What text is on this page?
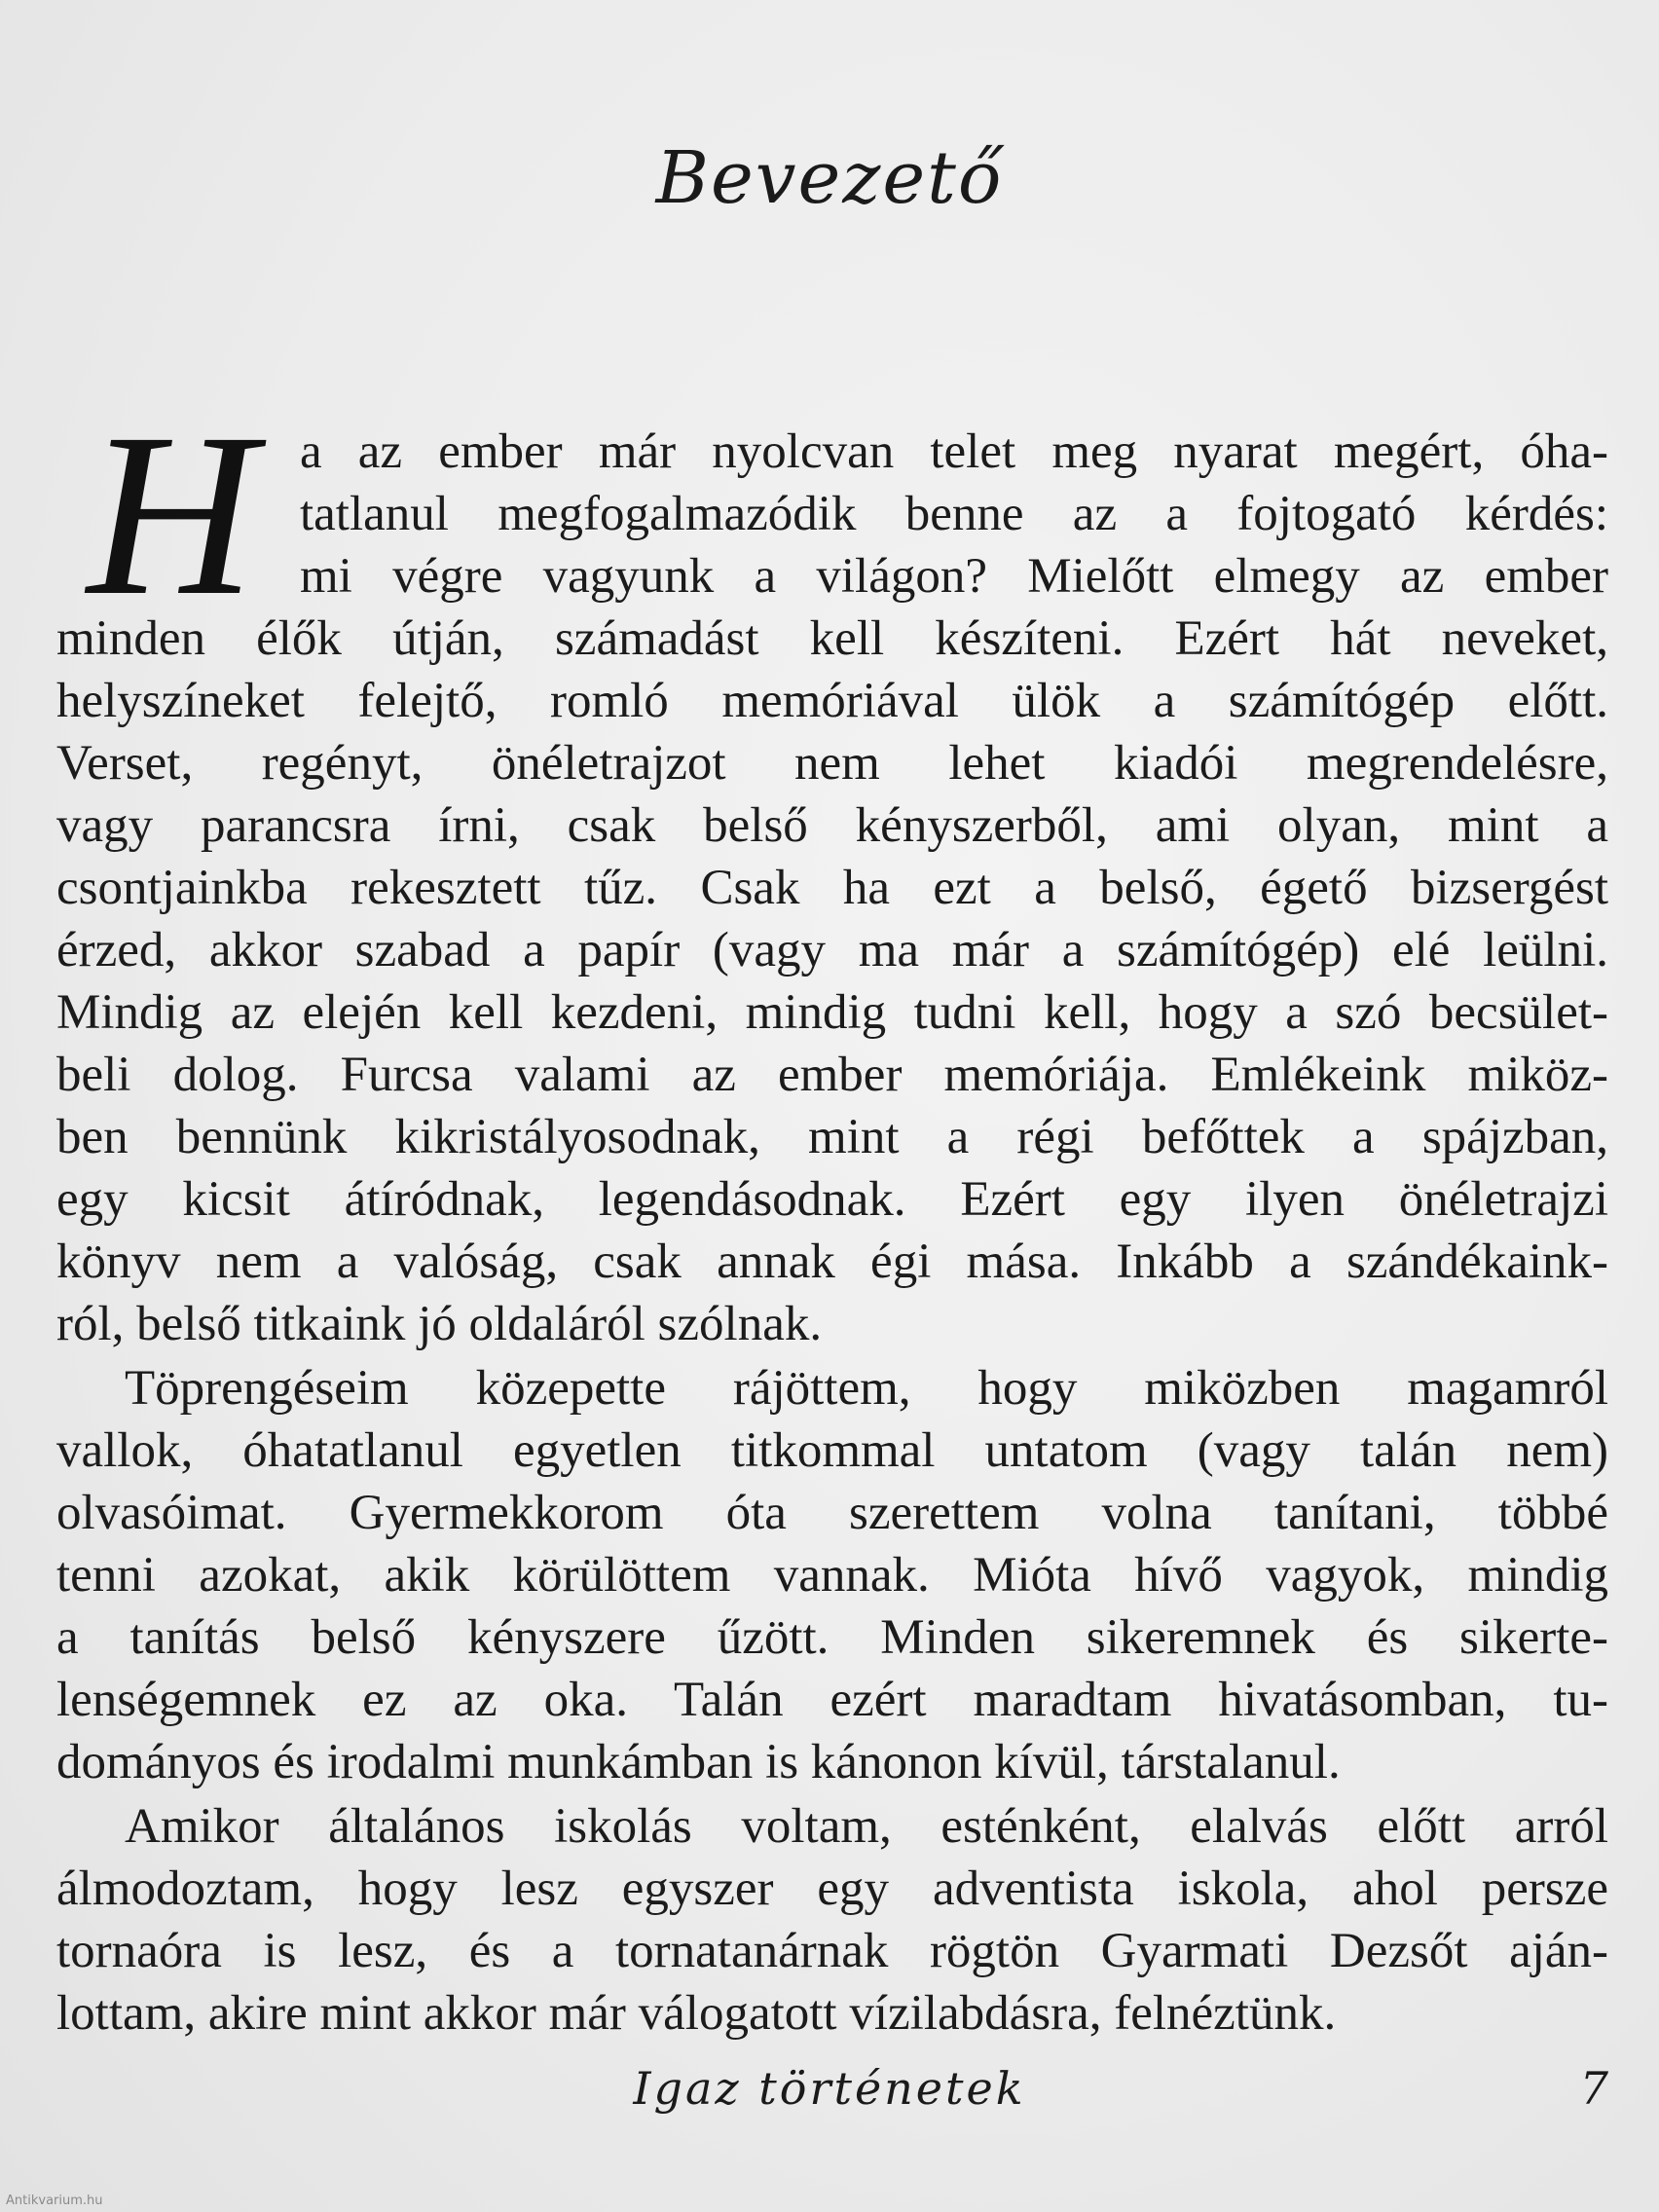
Bevezető
H a az ember már nyolcvan telet meg nyarat megért, óha-

tatlanul megfogalmazódik benne az a fojtogató kérdés:

mi végre vagyunk a világon? Mielőtt elmegy az ember

minden élők útján, számadást kell készíteni. Ezért hát neveket,

helyszíneket felejtő, romló memóriával ülök a számítógép előtt.

Verset, regényt, önéletrajzot nem lehet kiadói megrendelésre,

vagy parancsra írni, csak belső kényszerből, ami olyan, mint a

csontjainkba rekesztett tűz. Csak ha ezt a belső, égető bizsergést

érzed, akkor szabad a papír (vagy ma már a számítógép) elé leülni.

Mindig az elején kell kezdeni, mindig tudni kell, hogy a szó becsület-

beli dolog. Furcsa valami az ember memóriája. Emlékeink miköz-

ben bennünk kikristályosodnak, mint a régi befőttek a spájzban,

egy kicsit átíródnak, legendásodnak. Ezért egy ilyen önéletrajzi

könyv nem a valóság, csak annak égi mása. Inkább a szándékaink-

ról, belső titkaink jó oldaláról szólnak.

Töprengéseim közepette rájöttem, hogy miközben magamról

vallok, óhatatlanul egyetlen titkommal untatom (vagy talán nem)

olvasóimat. Gyermekkorom óta szerettem volna tanítani, többé

tenni azokat, akik körülöttem vannak. Mióta hívő vagyok, mindig

a tanítás belső kényszere űzött. Minden sikeremnek és sikerte-

lenségemnek ez az oka. Talán ezért maradtam hivatásomban, tu-

dományos és irodalmi munkámban is kánonon kívül, társtalanul.

Amikor általános iskolás voltam, esténként, elalvás előtt arról

álmodoztam, hogy lesz egyszer egy adventista iskola, ahol persze

tornaóra is lesz, és a tornatanárnak rögtön Gyarmati Dezsőt aján-

lottam, akire mint akkor már válogatott vízilabdásra, felnéztünk.

Igaz történetek	7
Antikvarium.hu
